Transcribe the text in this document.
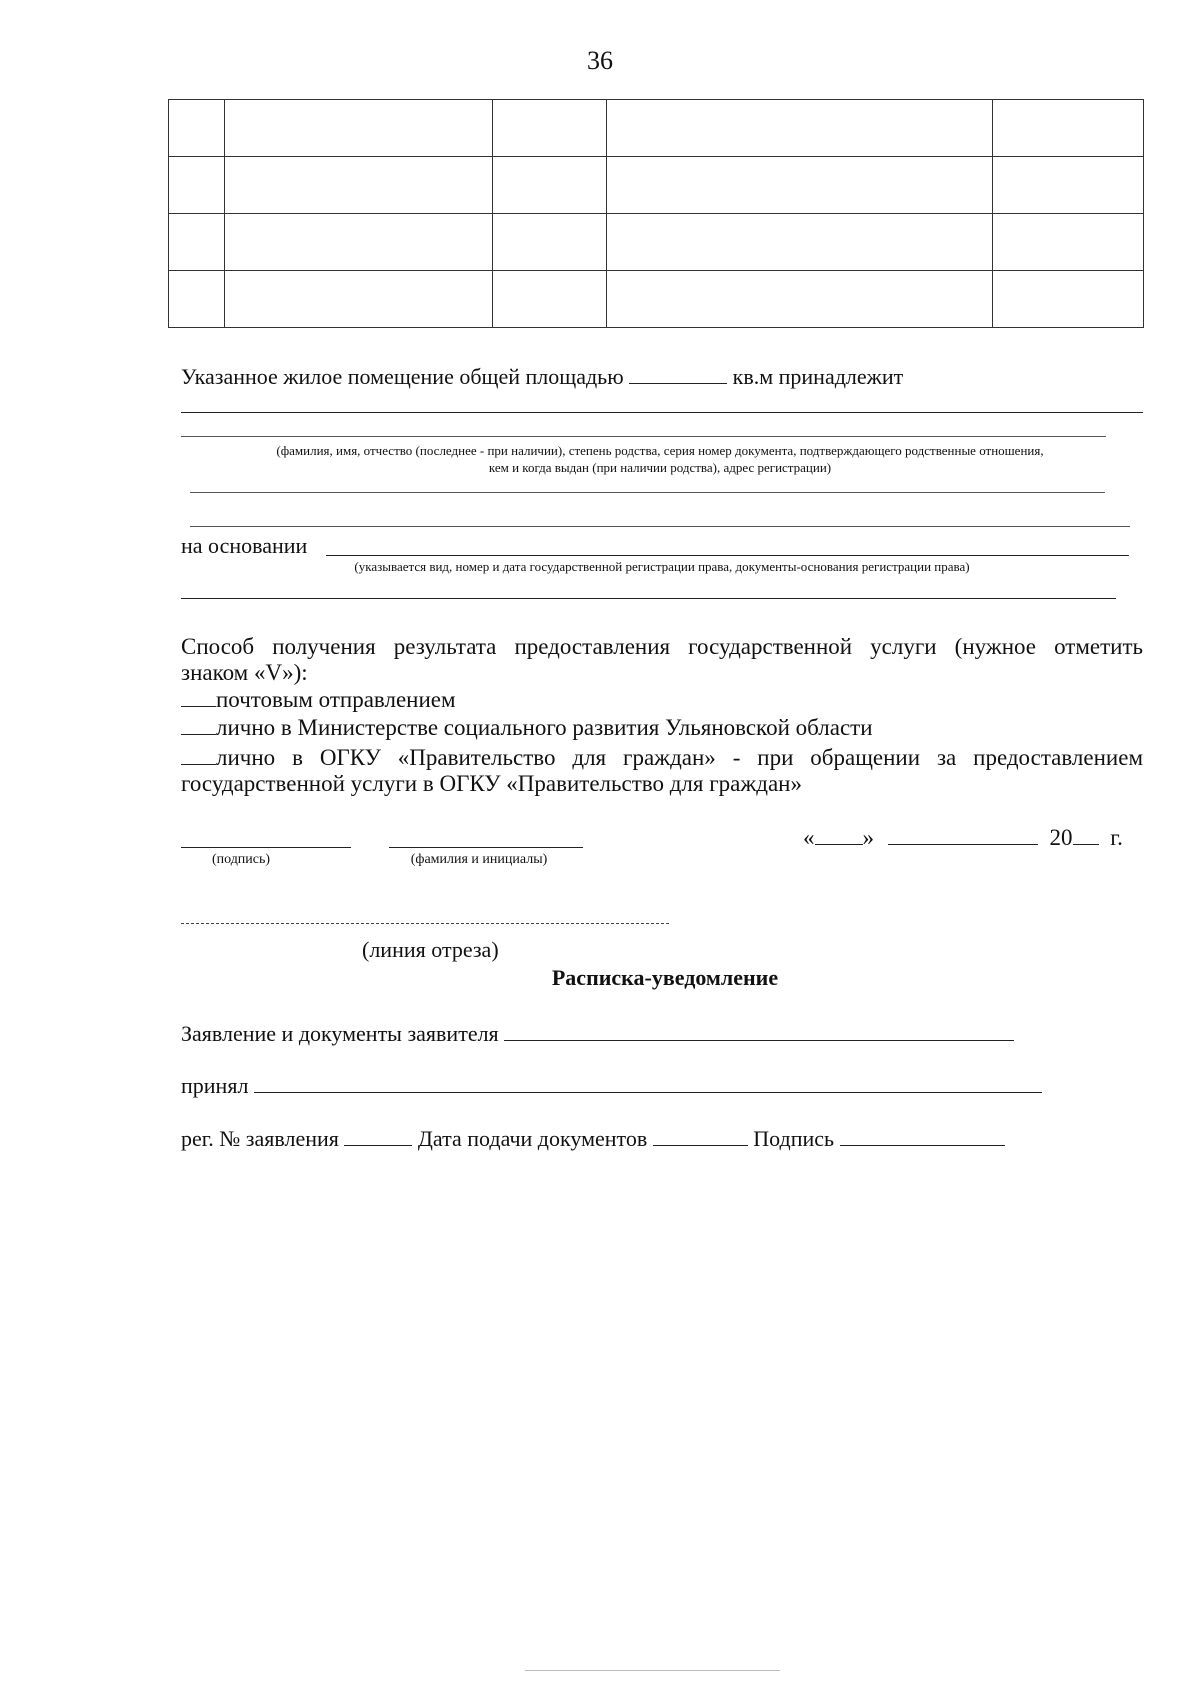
36

Указанное жилое помещение общей площадью	кв.м принадлежит
(фамилия, имя, отчество (последнее - при наличии), степень родства, серия номер документа, подтверждающего родственные отношения,
кем и когда выдан (при наличии родства), адрес регистрации)
на основании
(указывается вид, номер и дата государственной регистрации права, документы-основания регистрации права)
Способ получения результата предоставления государственной услуги (нужное отметить
знаком «V»):
почтовым отправлением
лично в Министерстве социального развития Ульяновской области
лично в ОГКУ «Правительство для граждан» - при обращении за предоставлением
государственной услуги в ОГКУ «Правительство для граждан»
(подпись)	(фамилия и инициалы)
« »	20 г.
(линия отреза)
Расписка-уведомление
Заявление и документы заявителя
принял
рег. № заявления	Дата подачи документов	Подпись
